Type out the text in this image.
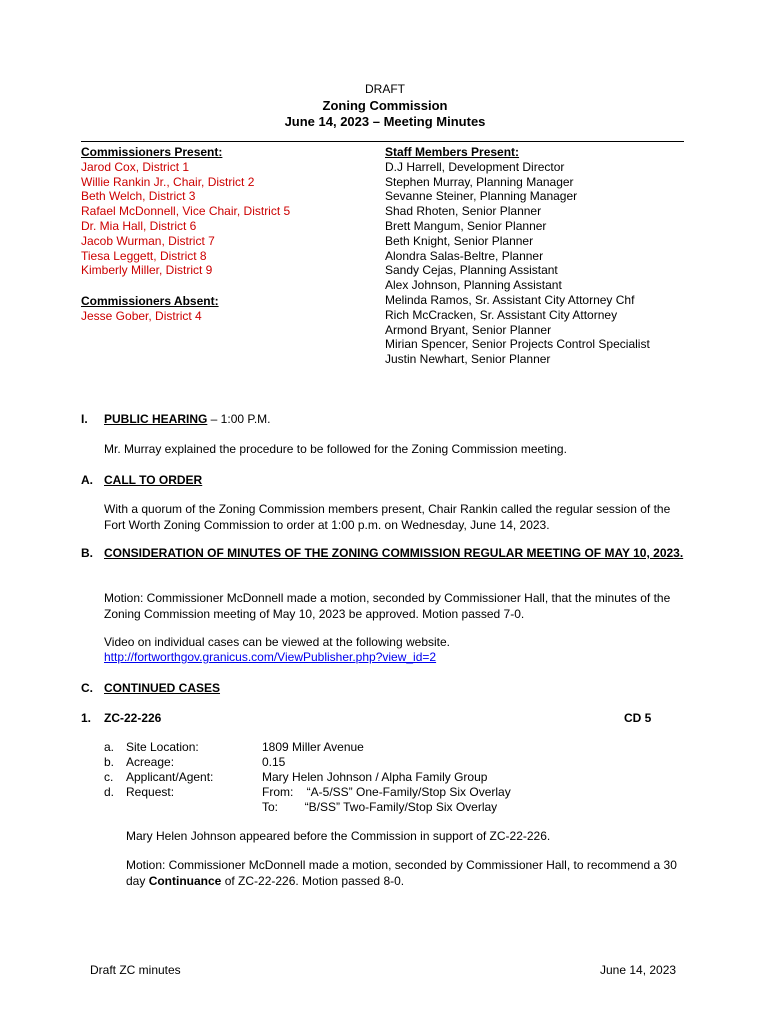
DRAFT
Zoning Commission
June 14, 2023 – Meeting Minutes
Commissioners Present:
Jarod Cox, District 1
Willie Rankin Jr., Chair, District 2
Beth Welch, District 3
Rafael McDonnell, Vice Chair, District 5
Dr. Mia Hall, District 6
Jacob Wurman, District 7
Tiesa Leggett, District 8
Kimberly Miller, District 9
Commissioners Absent:
Jesse Gober, District 4
Staff Members Present:
D.J Harrell, Development Director
Stephen Murray, Planning Manager
Sevanne Steiner, Planning Manager
Shad Rhoten, Senior Planner
Brett Mangum, Senior Planner
Beth Knight, Senior Planner
Alondra Salas-Beltre, Planner
Sandy Cejas, Planning Assistant
Alex Johnson, Planning Assistant
Melinda Ramos, Sr. Assistant City Attorney Chf
Rich McCracken, Sr. Assistant City Attorney
Armond Bryant, Senior Planner
Mirian Spencer, Senior Projects Control Specialist
Justin Newhart, Senior Planner
I. PUBLIC HEARING – 1:00 P.M.
Mr. Murray explained the procedure to be followed for the Zoning Commission meeting.
A. CALL TO ORDER
With a quorum of the Zoning Commission members present, Chair Rankin called the regular session of the Fort Worth Zoning Commission to order at 1:00 p.m. on Wednesday, June 14, 2023.
B. CONSIDERATION OF MINUTES OF THE ZONING COMMISSION REGULAR MEETING OF MAY 10, 2023.
Motion: Commissioner McDonnell made a motion, seconded by Commissioner Hall, that the minutes of the Zoning Commission meeting of May 10, 2023 be approved. Motion passed 7-0.
Video on individual cases can be viewed at the following website.
http://fortworthgov.granicus.com/ViewPublisher.php?view_id=2
C. CONTINUED CASES
1. ZC-22-226	CD 5
a. Site Location:	1809 Miller Avenue
b. Acreage:	0.15
c. Applicant/Agent:	Mary Helen Johnson / Alpha Family Group
d. Request:	From:    “A-5/SS” One-Family/Stop Six Overlay
To:        “B/SS” Two-Family/Stop Six Overlay
Mary Helen Johnson appeared before the Commission in support of ZC-22-226.
Motion: Commissioner McDonnell made a motion, seconded by Commissioner Hall, to recommend a 30 day Continuance of ZC-22-226. Motion passed 8-0.
Draft ZC minutes	June 14, 2023
